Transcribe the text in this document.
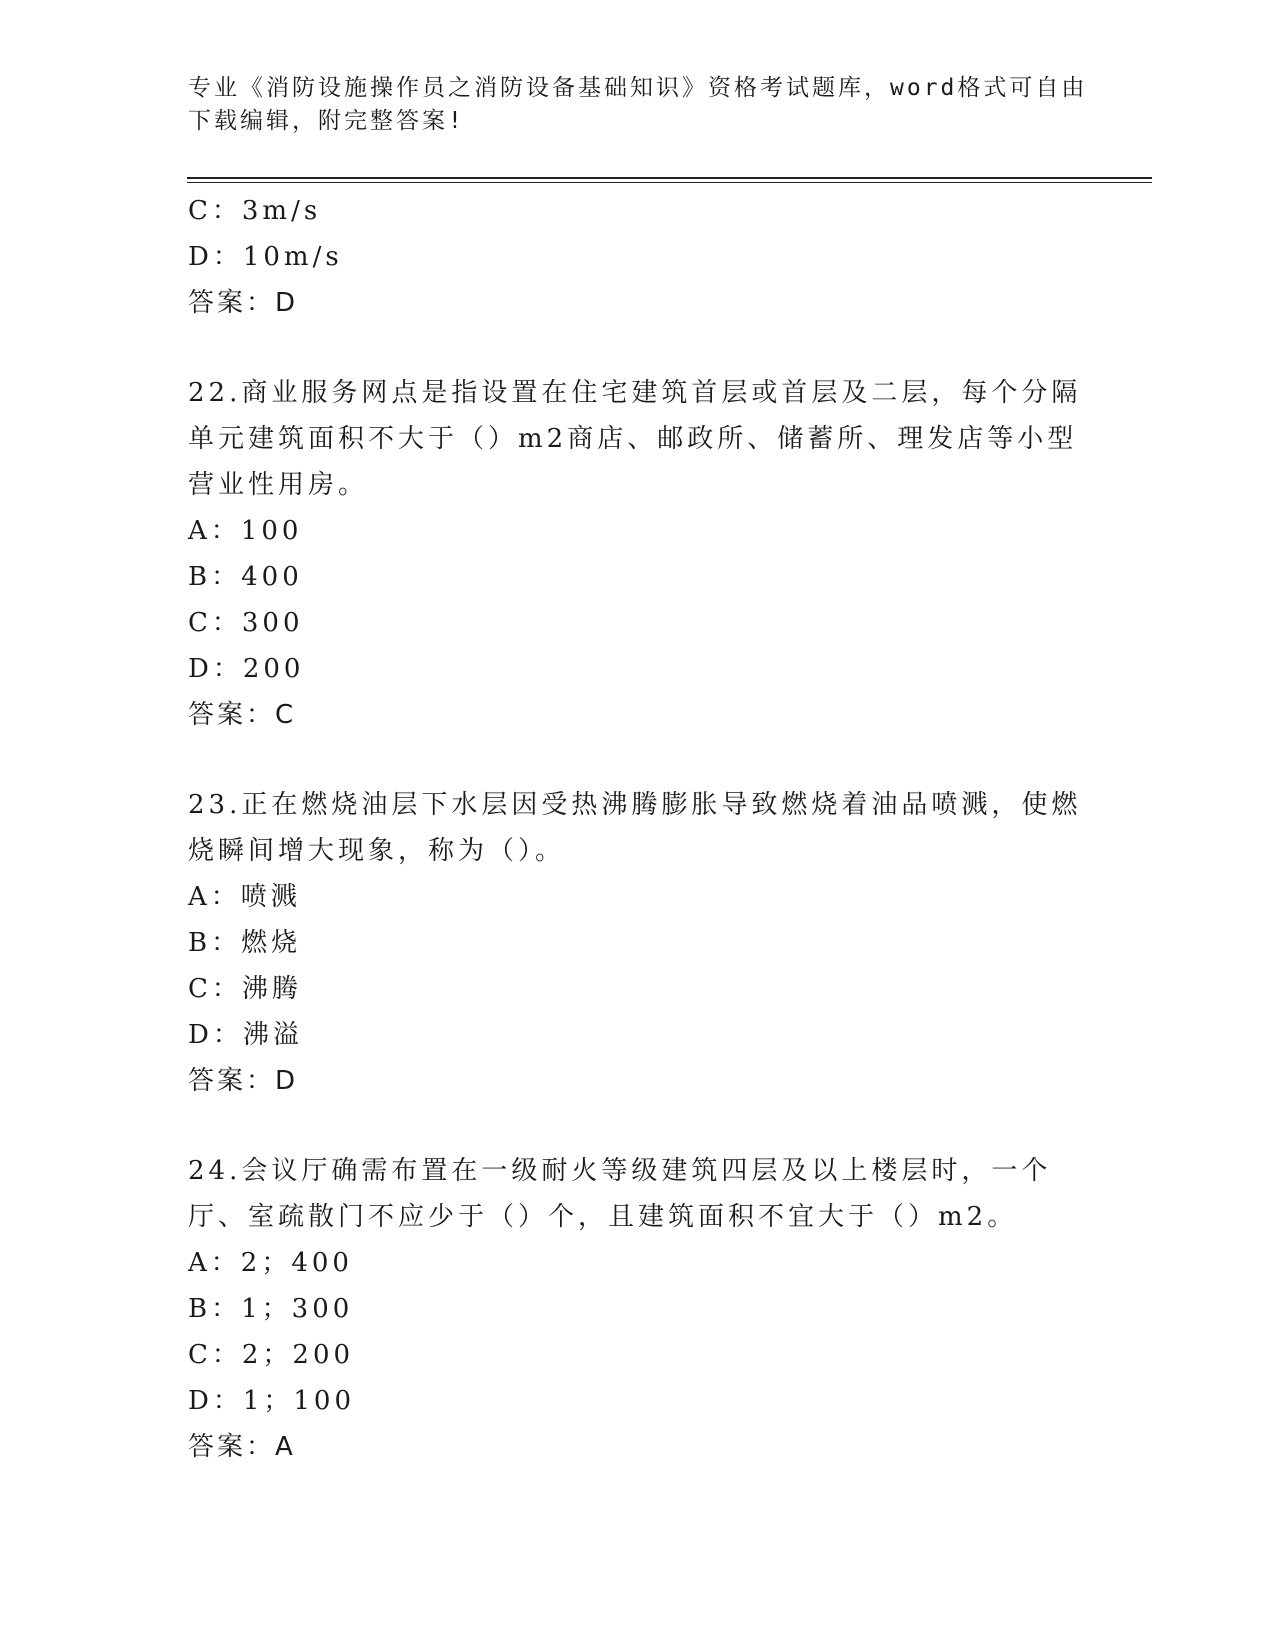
专业《消防设施操作员之消防设备基础知识》资格考试题库，word格式可自由下载编辑，附完整答案!
C：3m/s
D：10m/s
答案：D
22.商业服务网点是指设置在住宅建筑首层或首层及二层，每个分隔单元建筑面积不大于（）m2商店、邮政所、储蓄所、理发店等小型营业性用房。
A：100
B：400
C：300
D：200
答案：C
23.正在燃烧油层下水层因受热沸腾膨胀导致燃烧着油品喷溅，使燃烧瞬间增大现象，称为（）。
A：喷溅
B：燃烧
C：沸腾
D：沸溢
答案：D
24.会议厅确需布置在一级耐火等级建筑四层及以上楼层时，一个厅、室疏散门不应少于（）个，且建筑面积不宜大于（）m2。
A：2；400
B：1；300
C：2；200
D：1；100
答案：A
